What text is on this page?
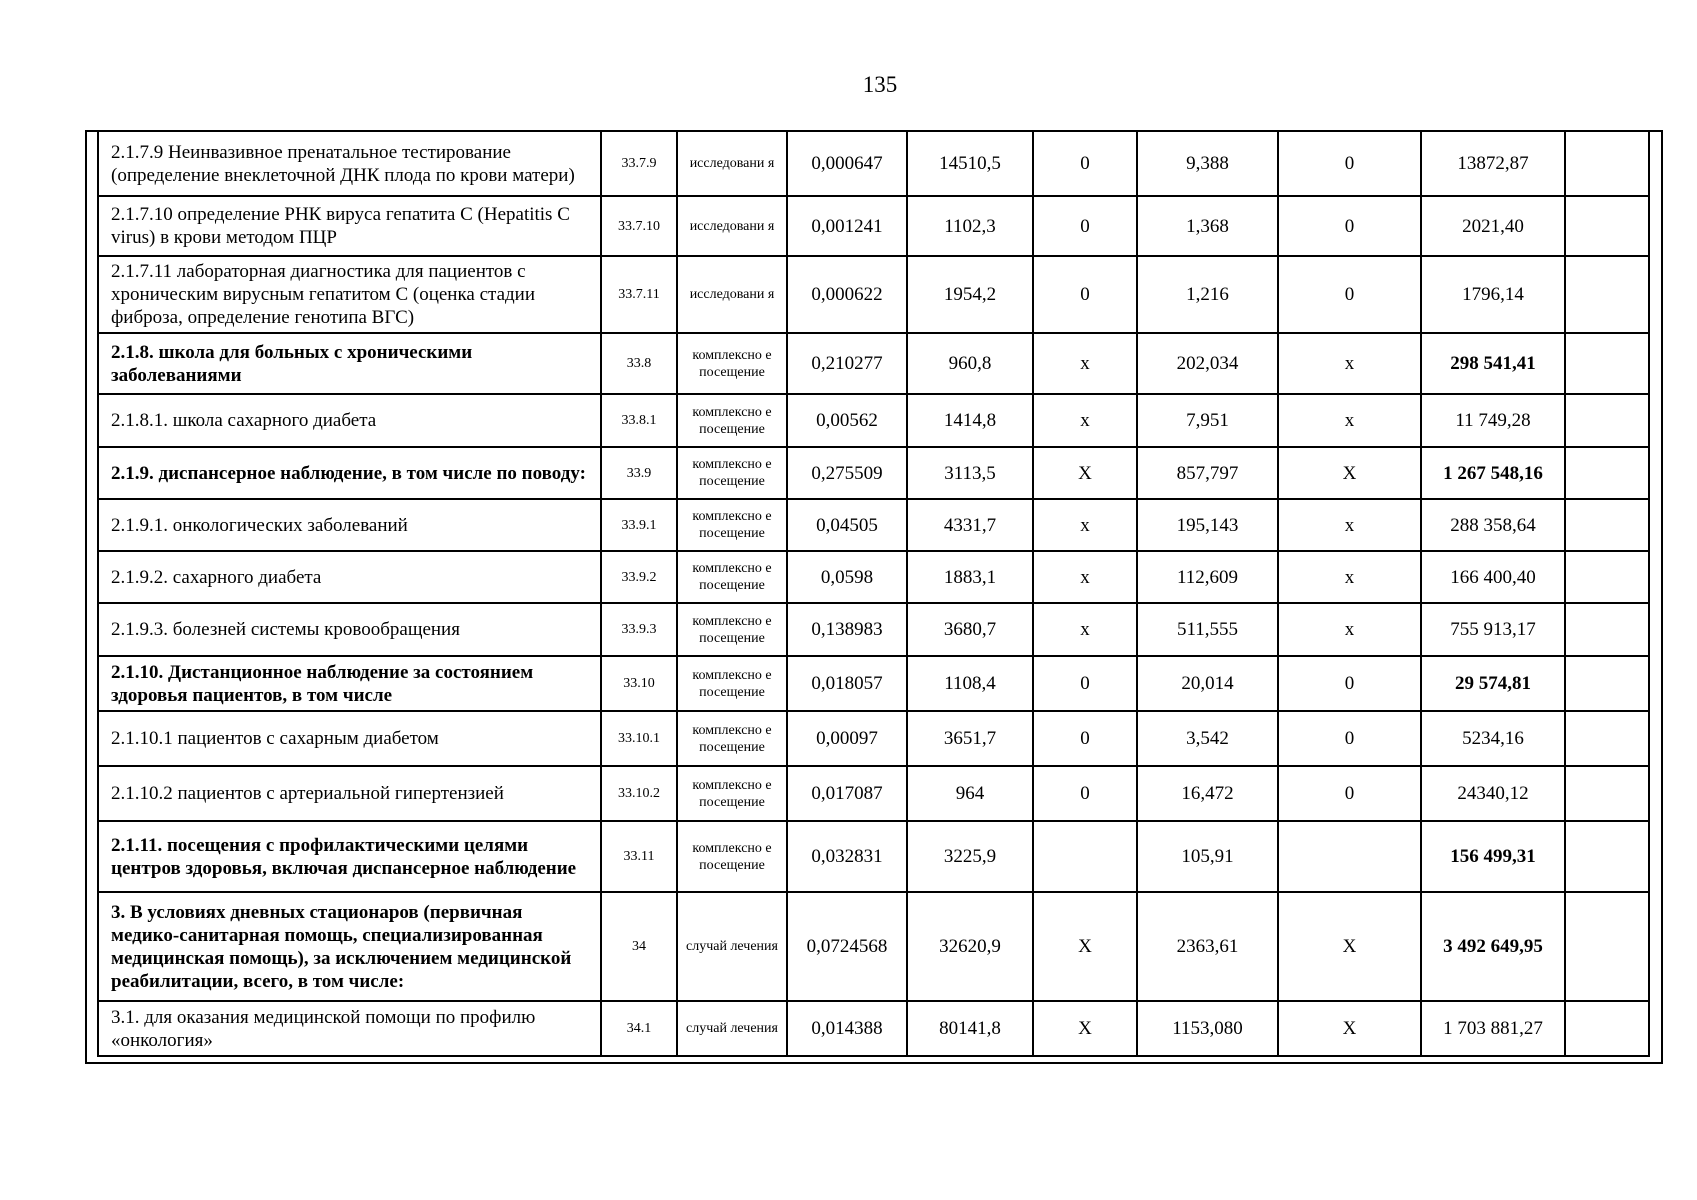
135
2.1.7.9 Неинвазивное пренатальное тестирование (определение внеклеточной ДНК плода по крови матери)	33.7.9	исследовани я	0,000647	14510,5	0	9,388	0	13872,87	
2.1.7.10 определение РНК вируса гепатита С (Hepatitis C virus) в крови методом ПЦР	33.7.10	исследовани я	0,001241	1102,3	0	1,368	0	2021,40	
2.1.7.11 лабораторная диагностика для пациентов с хроническим вирусным гепатитом С (оценка стадии фиброза, определение генотипа ВГС)	33.7.11	исследовани я	0,000622	1954,2	0	1,216	0	1796,14	
2.1.8. школа для больных с хроническими заболеваниями	33.8	комплексно е посещение	0,210277	960,8	x	202,034	x	298 541,41	
2.1.8.1. школа сахарного диабета	33.8.1	комплексно е посещение	0,00562	1414,8	x	7,951	x	11 749,28	
2.1.9. диспансерное наблюдение, в том числе по поводу:	33.9	комплексно е посещение	0,275509	3113,5	X	857,797	X	1 267 548,16	
2.1.9.1. онкологических заболеваний	33.9.1	комплексно е посещение	0,04505	4331,7	x	195,143	x	288 358,64	
2.1.9.2. сахарного диабета	33.9.2	комплексно е посещение	0,0598	1883,1	x	112,609	x	166 400,40	
2.1.9.3. болезней системы кровообращения	33.9.3	комплексно е посещение	0,138983	3680,7	x	511,555	x	755 913,17	
2.1.10. Дистанционное наблюдение за состоянием здоровья пациентов, в том числе	33.10	комплексно е посещение	0,018057	1108,4	0	20,014	0	29 574,81	
2.1.10.1 пациентов с сахарным диабетом	33.10.1	комплексно е посещение	0,00097	3651,7	0	3,542	0	5234,16	
2.1.10.2 пациентов с артериальной гипертензией	33.10.2	комплексно е посещение	0,017087	964	0	16,472	0	24340,12	
2.1.11. посещения с профилактическими целями центров здоровья, включая диспансерное наблюдение	33.11	комплексно е посещение	0,032831	3225,9		105,91		156 499,31	
3. В условиях дневных стационаров (первичная медико-санитарная помощь, специализированная медицинская помощь), за исключением медицинской реабилитации, всего, в том числе:	34	случай лечения	0,0724568	32620,9	X	2363,61	X	3 492 649,95	
3.1. для оказания медицинской помощи по профилю «онкология»	34.1	случай лечения	0,014388	80141,8	X	1153,080	X	1 703 881,27	
